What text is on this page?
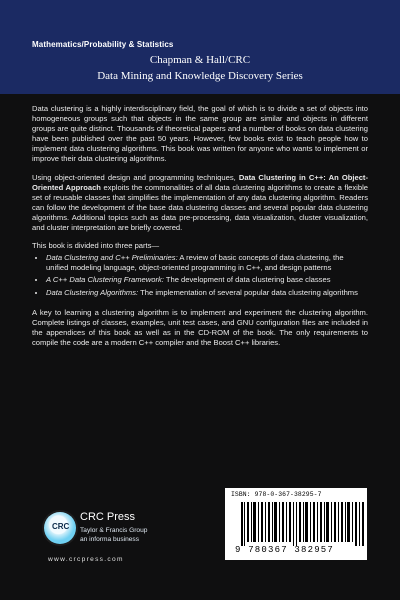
Mathematics/Probability & Statistics
Chapman & Hall/CRC
Data Mining and Knowledge Discovery Series

Data clustering is a highly interdisciplinary field, the goal of which is to divide a set of objects into homogeneous groups such that objects in the same group are similar and objects in different groups are quite distinct. Thousands of theoretical papers and a number of books on data clustering have been published over the past 50 years. However, few books exist to teach people how to implement data clustering algorithms. This book was written for anyone who wants to implement or improve their data clustering algorithms.

Using object-oriented design and programming techniques, Data Clustering in C++: An Object-Oriented Approach exploits the commonalities of all data clustering algorithms to create a flexible set of reusable classes that simplifies the implementation of any data clustering algorithm. Readers can follow the development of the base data clustering classes and several popular data clustering algorithms. Additional topics such as data pre-processing, data visualization, cluster visualization, and cluster interpretation are briefly covered.

This book is divided into three parts—

• Data Clustering and C++ Preliminaries: A review of basic concepts of data clustering, the unified modeling language, object-oriented programming in C++, and design patterns
• A C++ Data Clustering Framework: The development of data clustering base classes
• Data Clustering Algorithms: The implementation of several popular data clustering algorithms

A key to learning a clustering algorithm is to implement and experiment the clustering algorithm. Complete listings of classes, examples, unit test cases, and GNU configuration files are included in the appendices of this book as well as in the CD-ROM of the book. The only requirements to compile the code are a modern C++ compiler and the Boost C++ libraries.

CRC
CRC Press
Taylor & Francis Group
an informa business
www.crcpress.com
ISBN: 978-0-367-38295-7
9 780367 382957
